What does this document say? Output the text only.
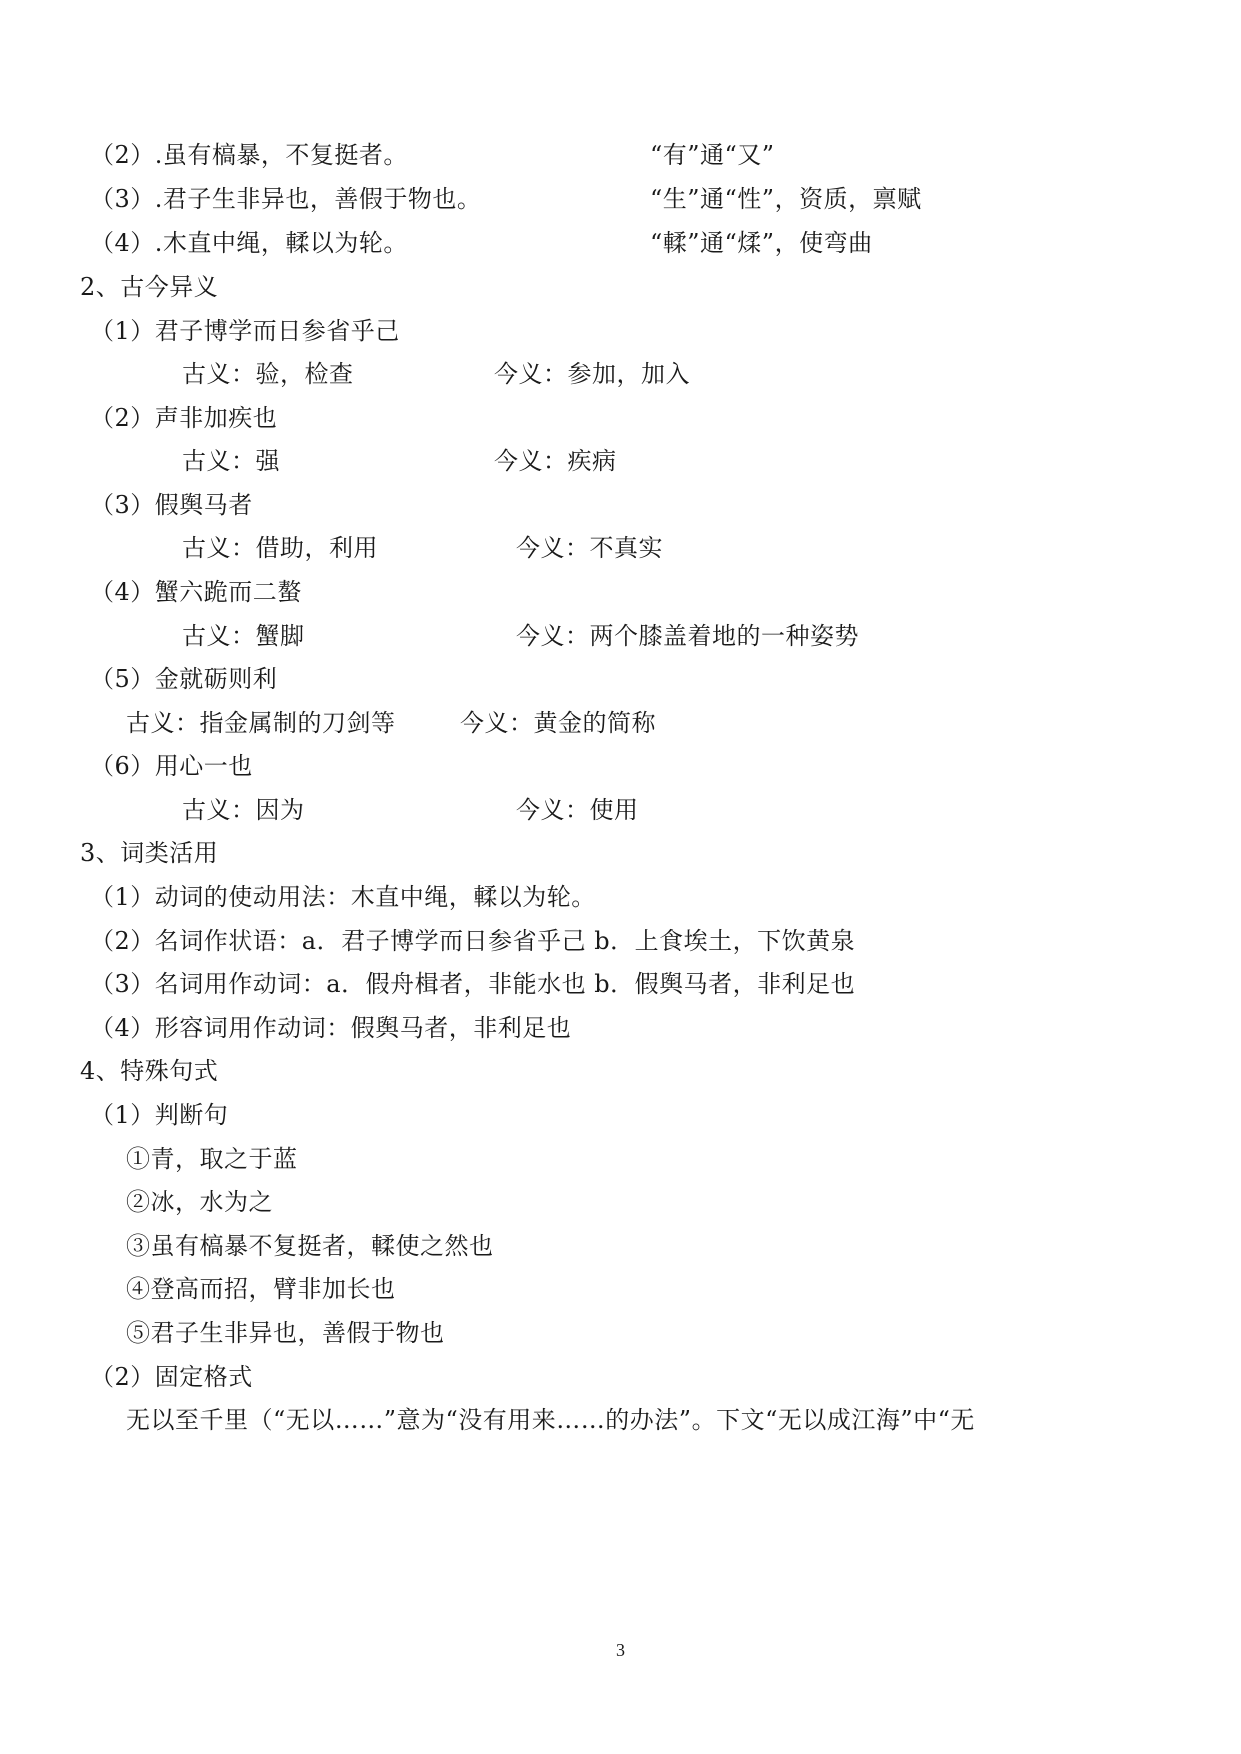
（2）.虽有槁暴，不复挺者。	“有”通“又”
（3）.君子生非异也，善假于物也。	“生”通“性”，资质，禀赋
（4）.木直中绳，輮以为轮。	“輮”通“煣”，使弯曲
2、古今异义
（1）君子博学而日参省乎己
古义：验，检查	今义：参加，加入
（2）声非加疾也
古义：强	今义：疾病
（3）假舆马者
古义：借助，利用	今义：不真实
（4）蟹六跪而二螯
古义：蟹脚	今义：两个膝盖着地的一种姿势
（5）金就砺则利
古义：指金属制的刀剑等	今义：黄金的简称
（6）用心一也
古义：因为	今义：使用
3、词类活用
（1）动词的使动用法：木直中绳，輮以为轮。
（2）名词作状语：a．君子博学而日参省乎己 b．上食埃土，下饮黄泉
（3）名词用作动词：a．假舟楫者，非能水也 b．假舆马者，非利足也
（4）形容词用作动词：假舆马者，非利足也
4、特殊句式
（1）判断句
①青，取之于蓝
②冰，水为之
③虽有槁暴不复挺者，輮使之然也
④登高而招，臂非加长也
⑤君子生非异也，善假于物也
（2）固定格式
无以至千里（“无以……”意为“没有用来……的办法”。下文“无以成江海”中“无
3
